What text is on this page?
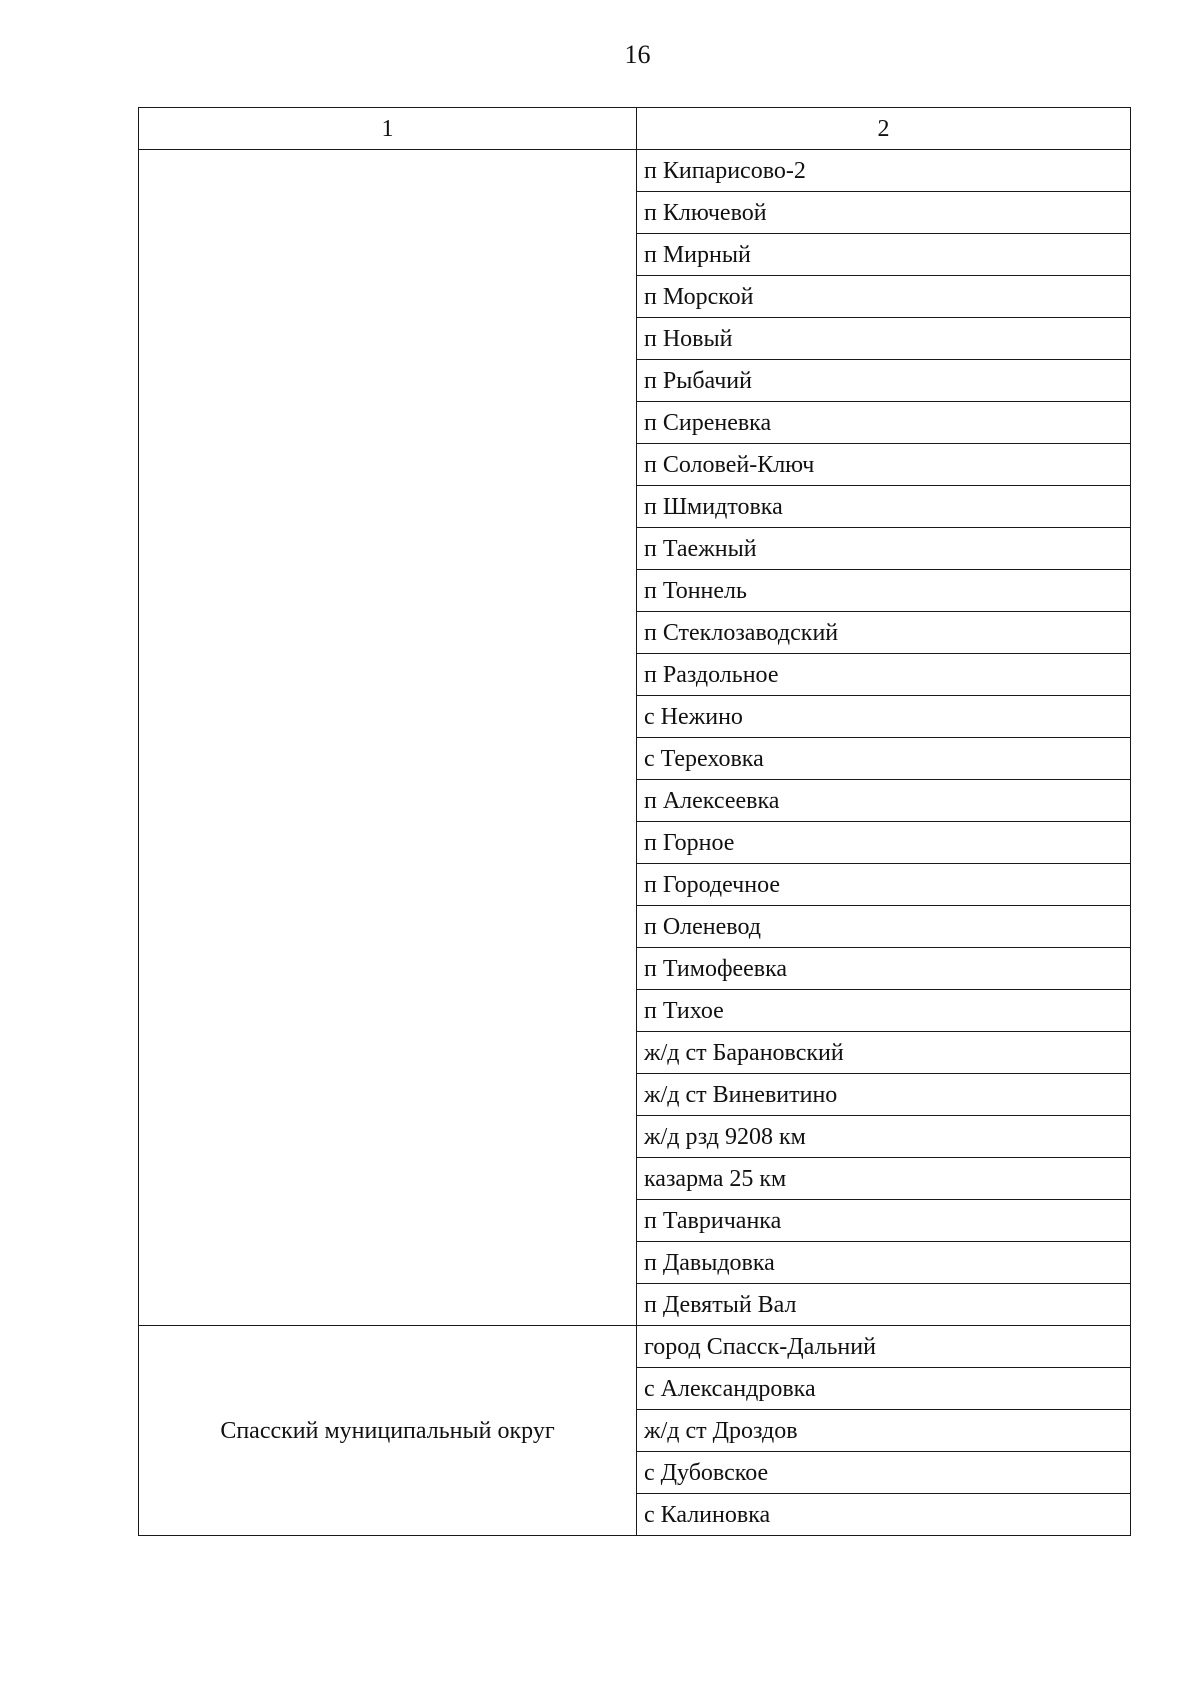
16
1	2
	п Кипарисово-2
	п Ключевой
	п Мирный
	п Морской
	п Новый
	п Рыбачий
	п Сиреневка
	п Соловей-Ключ
	п Шмидтовка
	п Таежный
	п Тоннель
	п Стеклозаводский
	п Раздольное
	с Нежино
	с Тереховка
	п Алексеевка
	п Горное
	п Городечное
	п Оленевод
	п Тимофеевка
	п Тихое
	ж/д ст Барановский
	ж/д ст Виневитино
	ж/д рзд 9208 км
	казарма 25 км
	п Тавричанка
	п Давыдовка
	п Девятый Вал
Спасский муниципальный округ	город Спасск-Дальний
	с Александровка
	ж/д ст Дроздов
	с Дубовское
	с Калиновка
